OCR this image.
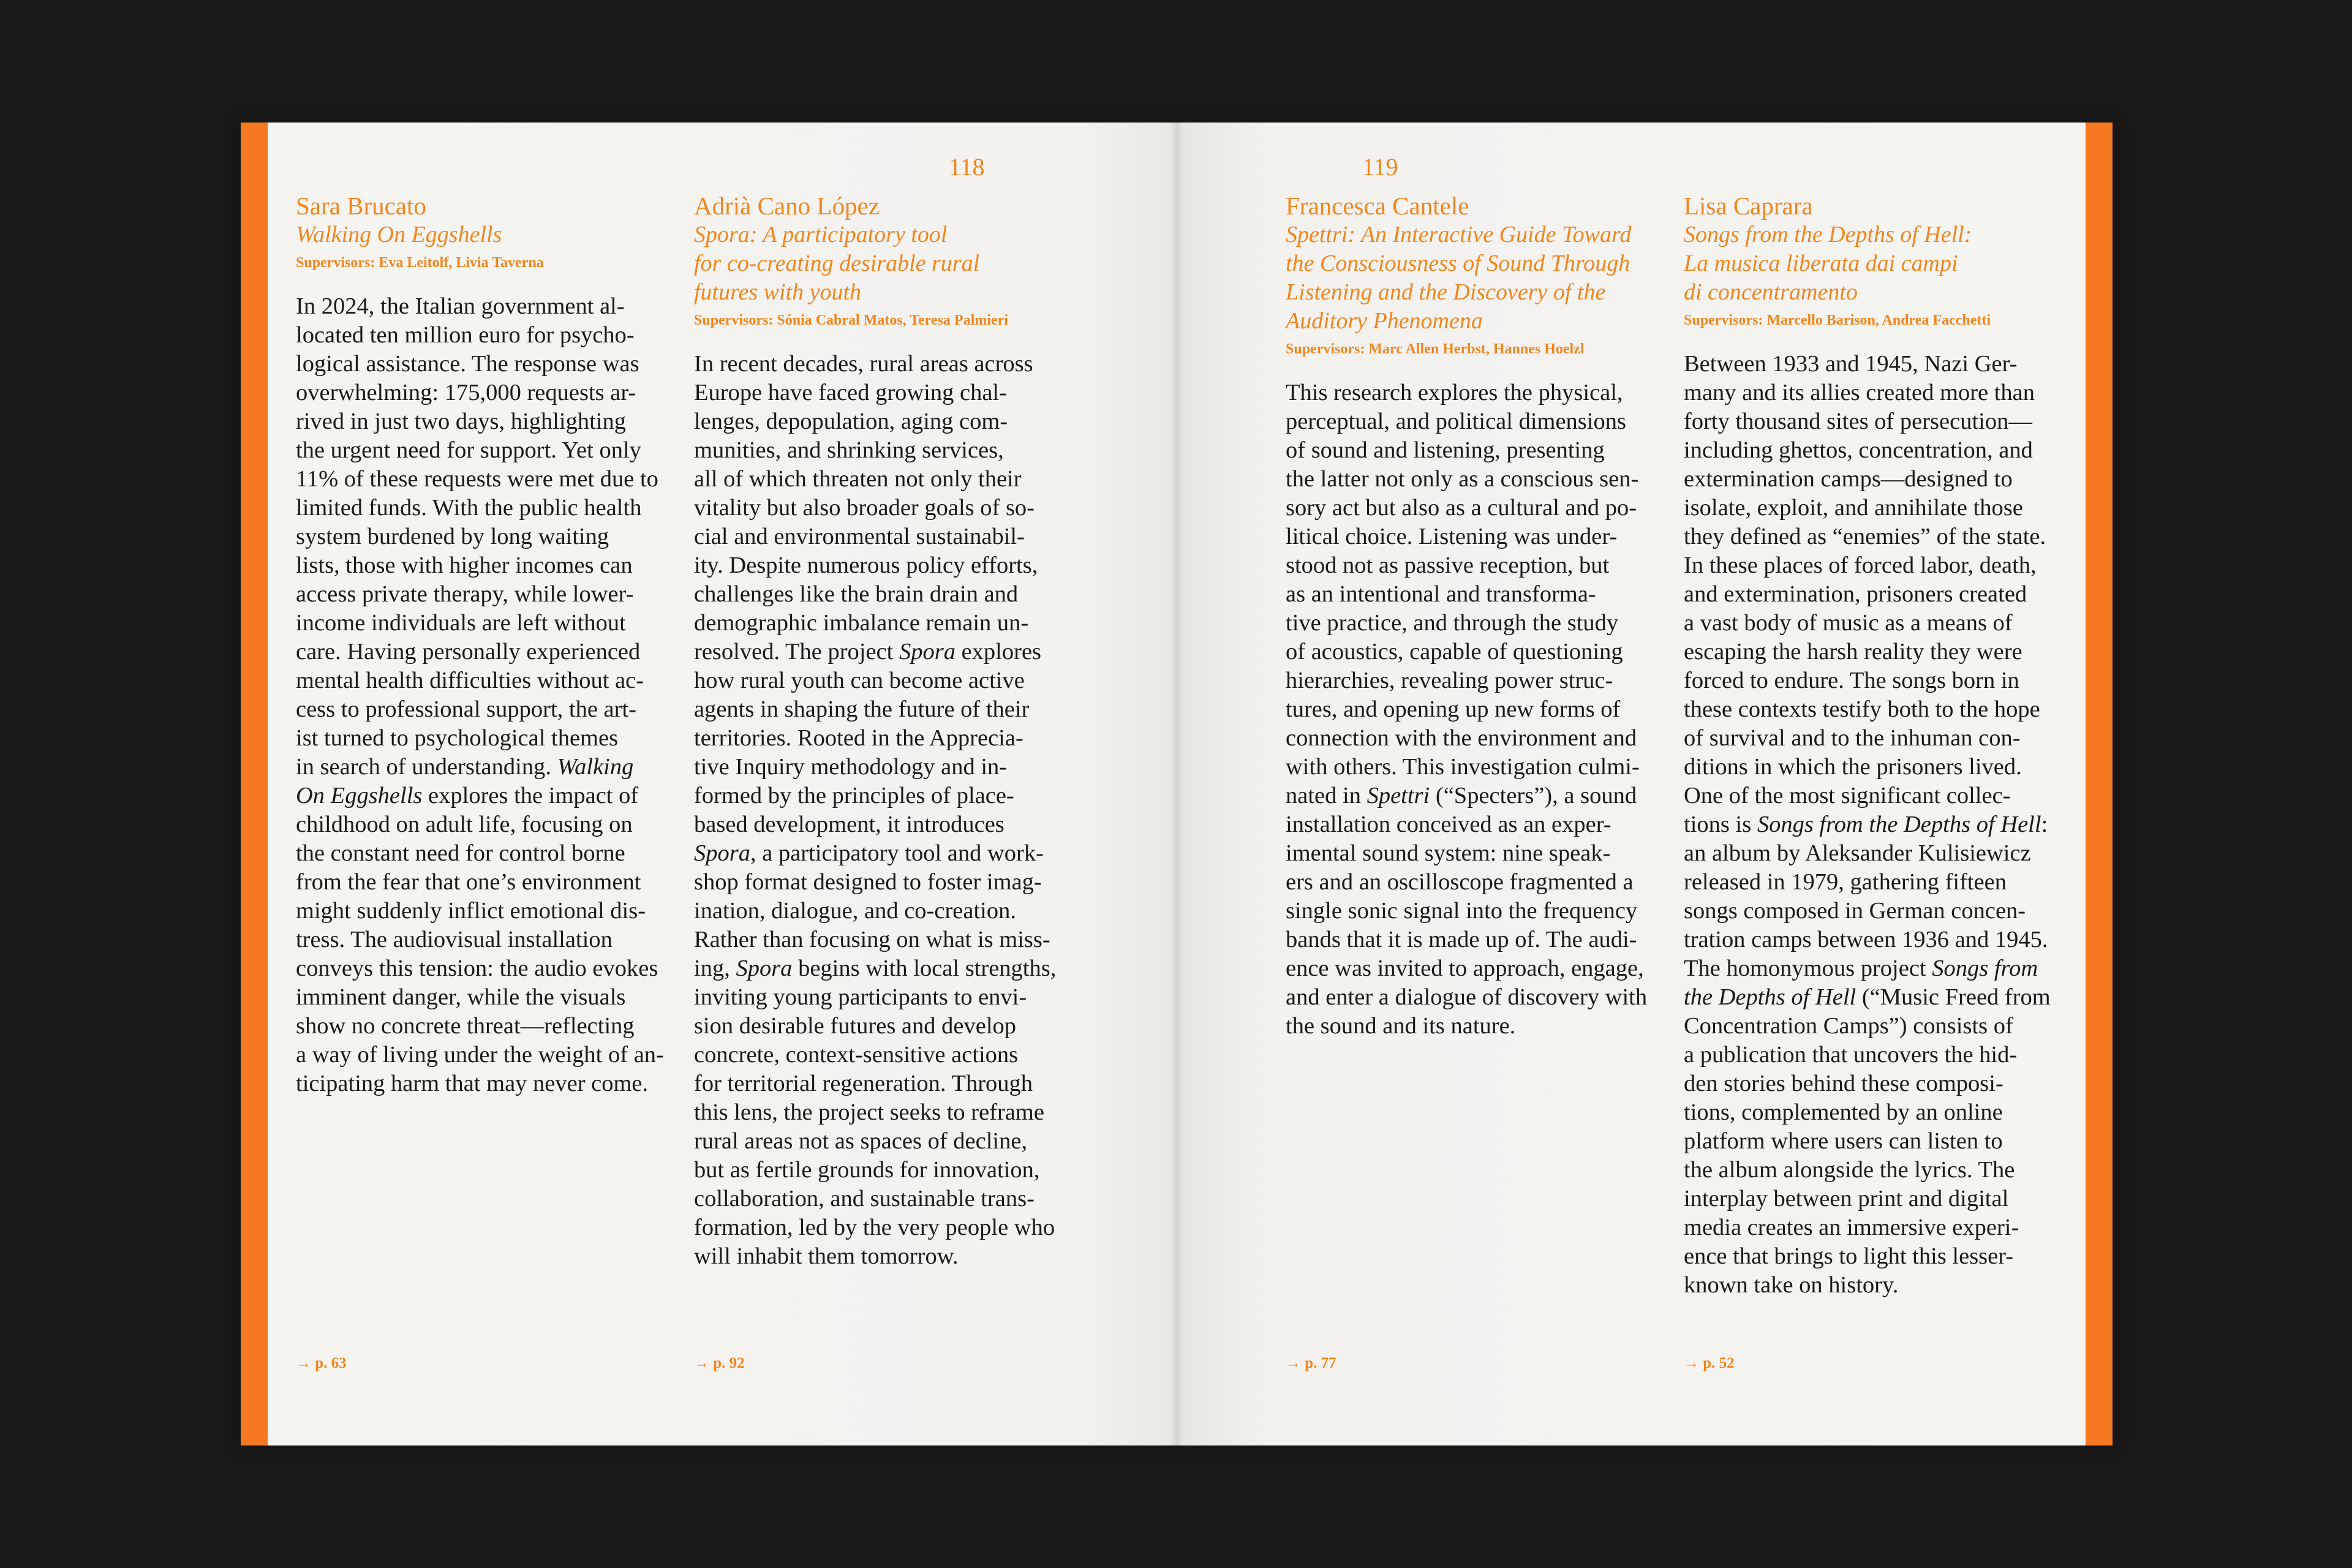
118
Sara Brucato
Walking On Eggshells
Supervisors: Eva Leitolf, Livia Taverna
In 2024, the Italian government al-
located ten million euro for psycho-
logical assistance. The response was
overwhelming: 175,000 requests ar-
rived in just two days, highlighting
the urgent need for support. Yet only
11% of these requests were met due to
limited funds. With the public health
system burdened by long waiting
lists, those with higher incomes can
access private therapy, while lower-
income individuals are left without
care. Having personally experienced
mental health difficulties without ac-
cess to professional support, the art-
ist turned to psychological themes
in search of understanding. Walking
On Eggshells explores the impact of
childhood on adult life, focusing on
the constant need for control borne
from the fear that one’s environment
might suddenly inflict emotional dis-
tress. The audiovisual installation
conveys this tension: the audio evokes
imminent danger, while the visuals
show no concrete threat—reflecting
a way of living under the weight of an-
ticipating harm that may never come.
→ p. 63
Adrià Cano López
Spora: A participatory tool
for co-creating desirable rural
futures with youth
Supervisors: Sónia Cabral Matos, Teresa Palmieri
In recent decades, rural areas across
Europe have faced growing chal-
lenges, depopulation, aging com-
munities, and shrinking services,
all of which threaten not only their
vitality but also broader goals of so-
cial and environmental sustainabil-
ity. Despite numerous policy efforts,
challenges like the brain drain and
demographic imbalance remain un-
resolved. The project Spora explores
how rural youth can become active
agents in shaping the future of their
territories. Rooted in the Apprecia-
tive Inquiry methodology and in-
formed by the principles of place-
based development, it introduces
Spora, a participatory tool and work-
shop format designed to foster imag-
ination, dialogue, and co-creation.
Rather than focusing on what is miss-
ing, Spora begins with local strengths,
inviting young participants to envi-
sion desirable futures and develop
concrete, context-sensitive actions
for territorial regeneration. Through
this lens, the project seeks to reframe
rural areas not as spaces of decline,
but as fertile grounds for innovation,
collaboration, and sustainable trans-
formation, led by the very people who
will inhabit them tomorrow.
→ p. 92
119
Francesca Cantele
Spettri: An Interactive Guide Toward
the Consciousness of Sound Through
Listening and the Discovery of the
Auditory Phenomena
Supervisors: Marc Allen Herbst, Hannes Hoelzl
This research explores the physical,
perceptual, and political dimensions
of sound and listening, presenting
the latter not only as a conscious sen-
sory act but also as a cultural and po-
litical choice. Listening was under-
stood not as passive reception, but
as an intentional and transforma-
tive practice, and through the study
of acoustics, capable of questioning
hierarchies, revealing power struc-
tures, and opening up new forms of
connection with the environment and
with others. This investigation culmi-
nated in Spettri (“Specters”), a sound
installation conceived as an exper-
imental sound system: nine speak-
ers and an oscilloscope fragmented a
single sonic signal into the frequency
bands that it is made up of. The audi-
ence was invited to approach, engage,
and enter a dialogue of discovery with
the sound and its nature.
→ p. 77
Lisa Caprara
Songs from the Depths of Hell:
La musica liberata dai campi
di concentramento
Supervisors: Marcello Barison, Andrea Facchetti
Between 1933 and 1945, Nazi Ger-
many and its allies created more than
forty thousand sites of persecution—
including ghettos, concentration, and
extermination camps—designed to
isolate, exploit, and annihilate those
they defined as “enemies” of the state.
In these places of forced labor, death,
and extermination, prisoners created
a vast body of music as a means of
escaping the harsh reality they were
forced to endure. The songs born in
these contexts testify both to the hope
of survival and to the inhuman con-
ditions in which the prisoners lived.
One of the most significant collec-
tions is Songs from the Depths of Hell:
an album by Aleksander Kulisiewicz
released in 1979, gathering fifteen
songs composed in German concen-
tration camps between 1936 and 1945.
The homonymous project Songs from
the Depths of Hell (“Music Freed from
Concentration Camps”) consists of
a publication that uncovers the hid-
den stories behind these composi-
tions, complemented by an online
platform where users can listen to
the album alongside the lyrics. The
interplay between print and digital
media creates an immersive experi-
ence that brings to light this lesser-
known take on history.
→ p. 52
